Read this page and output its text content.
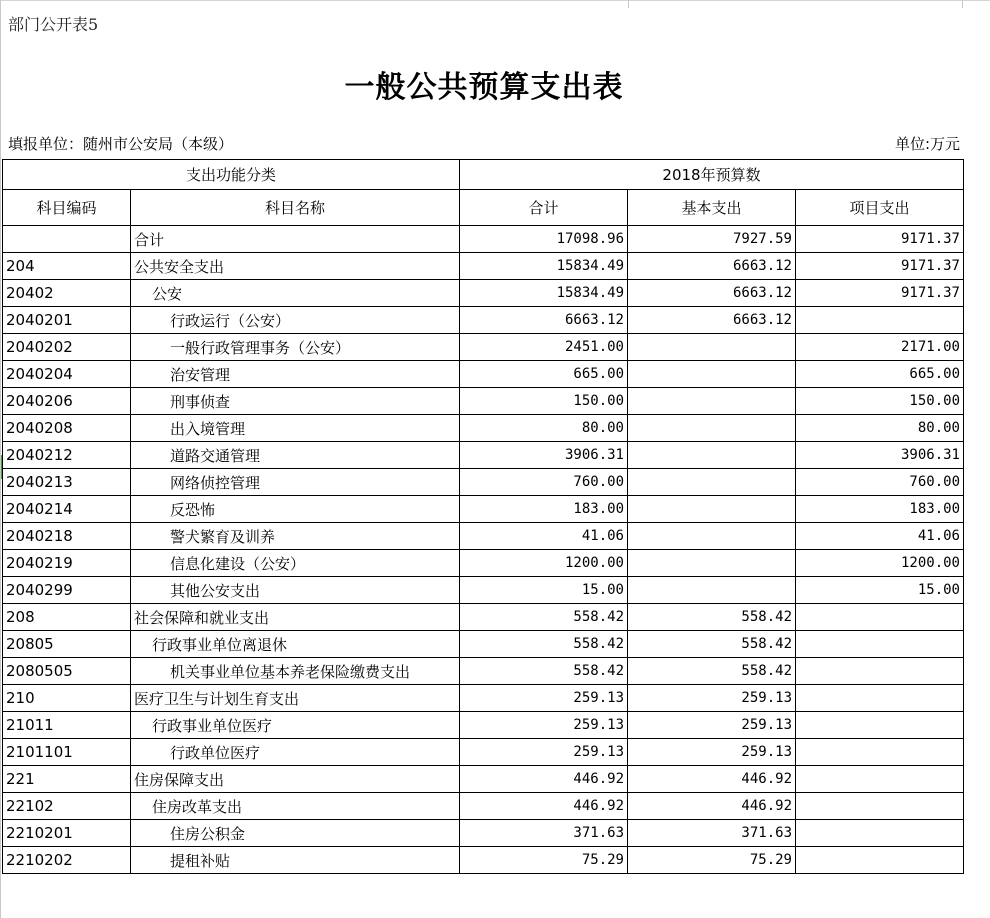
部门公开表5
一般公共预算支出表
填报单位：随州市公安局（本级）	单位:万元
支出功能分类		2018年预算数		
科目编码	科目名称	合计	基本支出	项目支出
	合计	17098.96	7927.59	9171.37
204	公共安全支出	15834.49	6663.12	9171.37
20402	公安	15834.49	6663.12	9171.37
2040201	行政运行（公安）	6663.12	6663.12	
2040202	一般行政管理事务（公安）	2451.00		2171.00
2040204	治安管理	665.00		665.00
2040206	刑事侦查	150.00		150.00
2040208	出入境管理	80.00		80.00
2040212	道路交通管理	3906.31		3906.31
2040213	网络侦控管理	760.00		760.00
2040214	反恐怖	183.00		183.00
2040218	警犬繁育及训养	41.06		41.06
2040219	信息化建设（公安）	1200.00		1200.00
2040299	其他公安支出	15.00		15.00
208	社会保障和就业支出	558.42	558.42	
20805	行政事业单位离退休	558.42	558.42	
2080505	机关事业单位基本养老保险缴费支出	558.42	558.42	
210	医疗卫生与计划生育支出	259.13	259.13	
21011	行政事业单位医疗	259.13	259.13	
2101101	行政单位医疗	259.13	259.13	
221	住房保障支出	446.92	446.92	
22102	住房改革支出	446.92	446.92	
2210201	住房公积金	371.63	371.63	
2210202	提租补贴	75.29	75.29	
